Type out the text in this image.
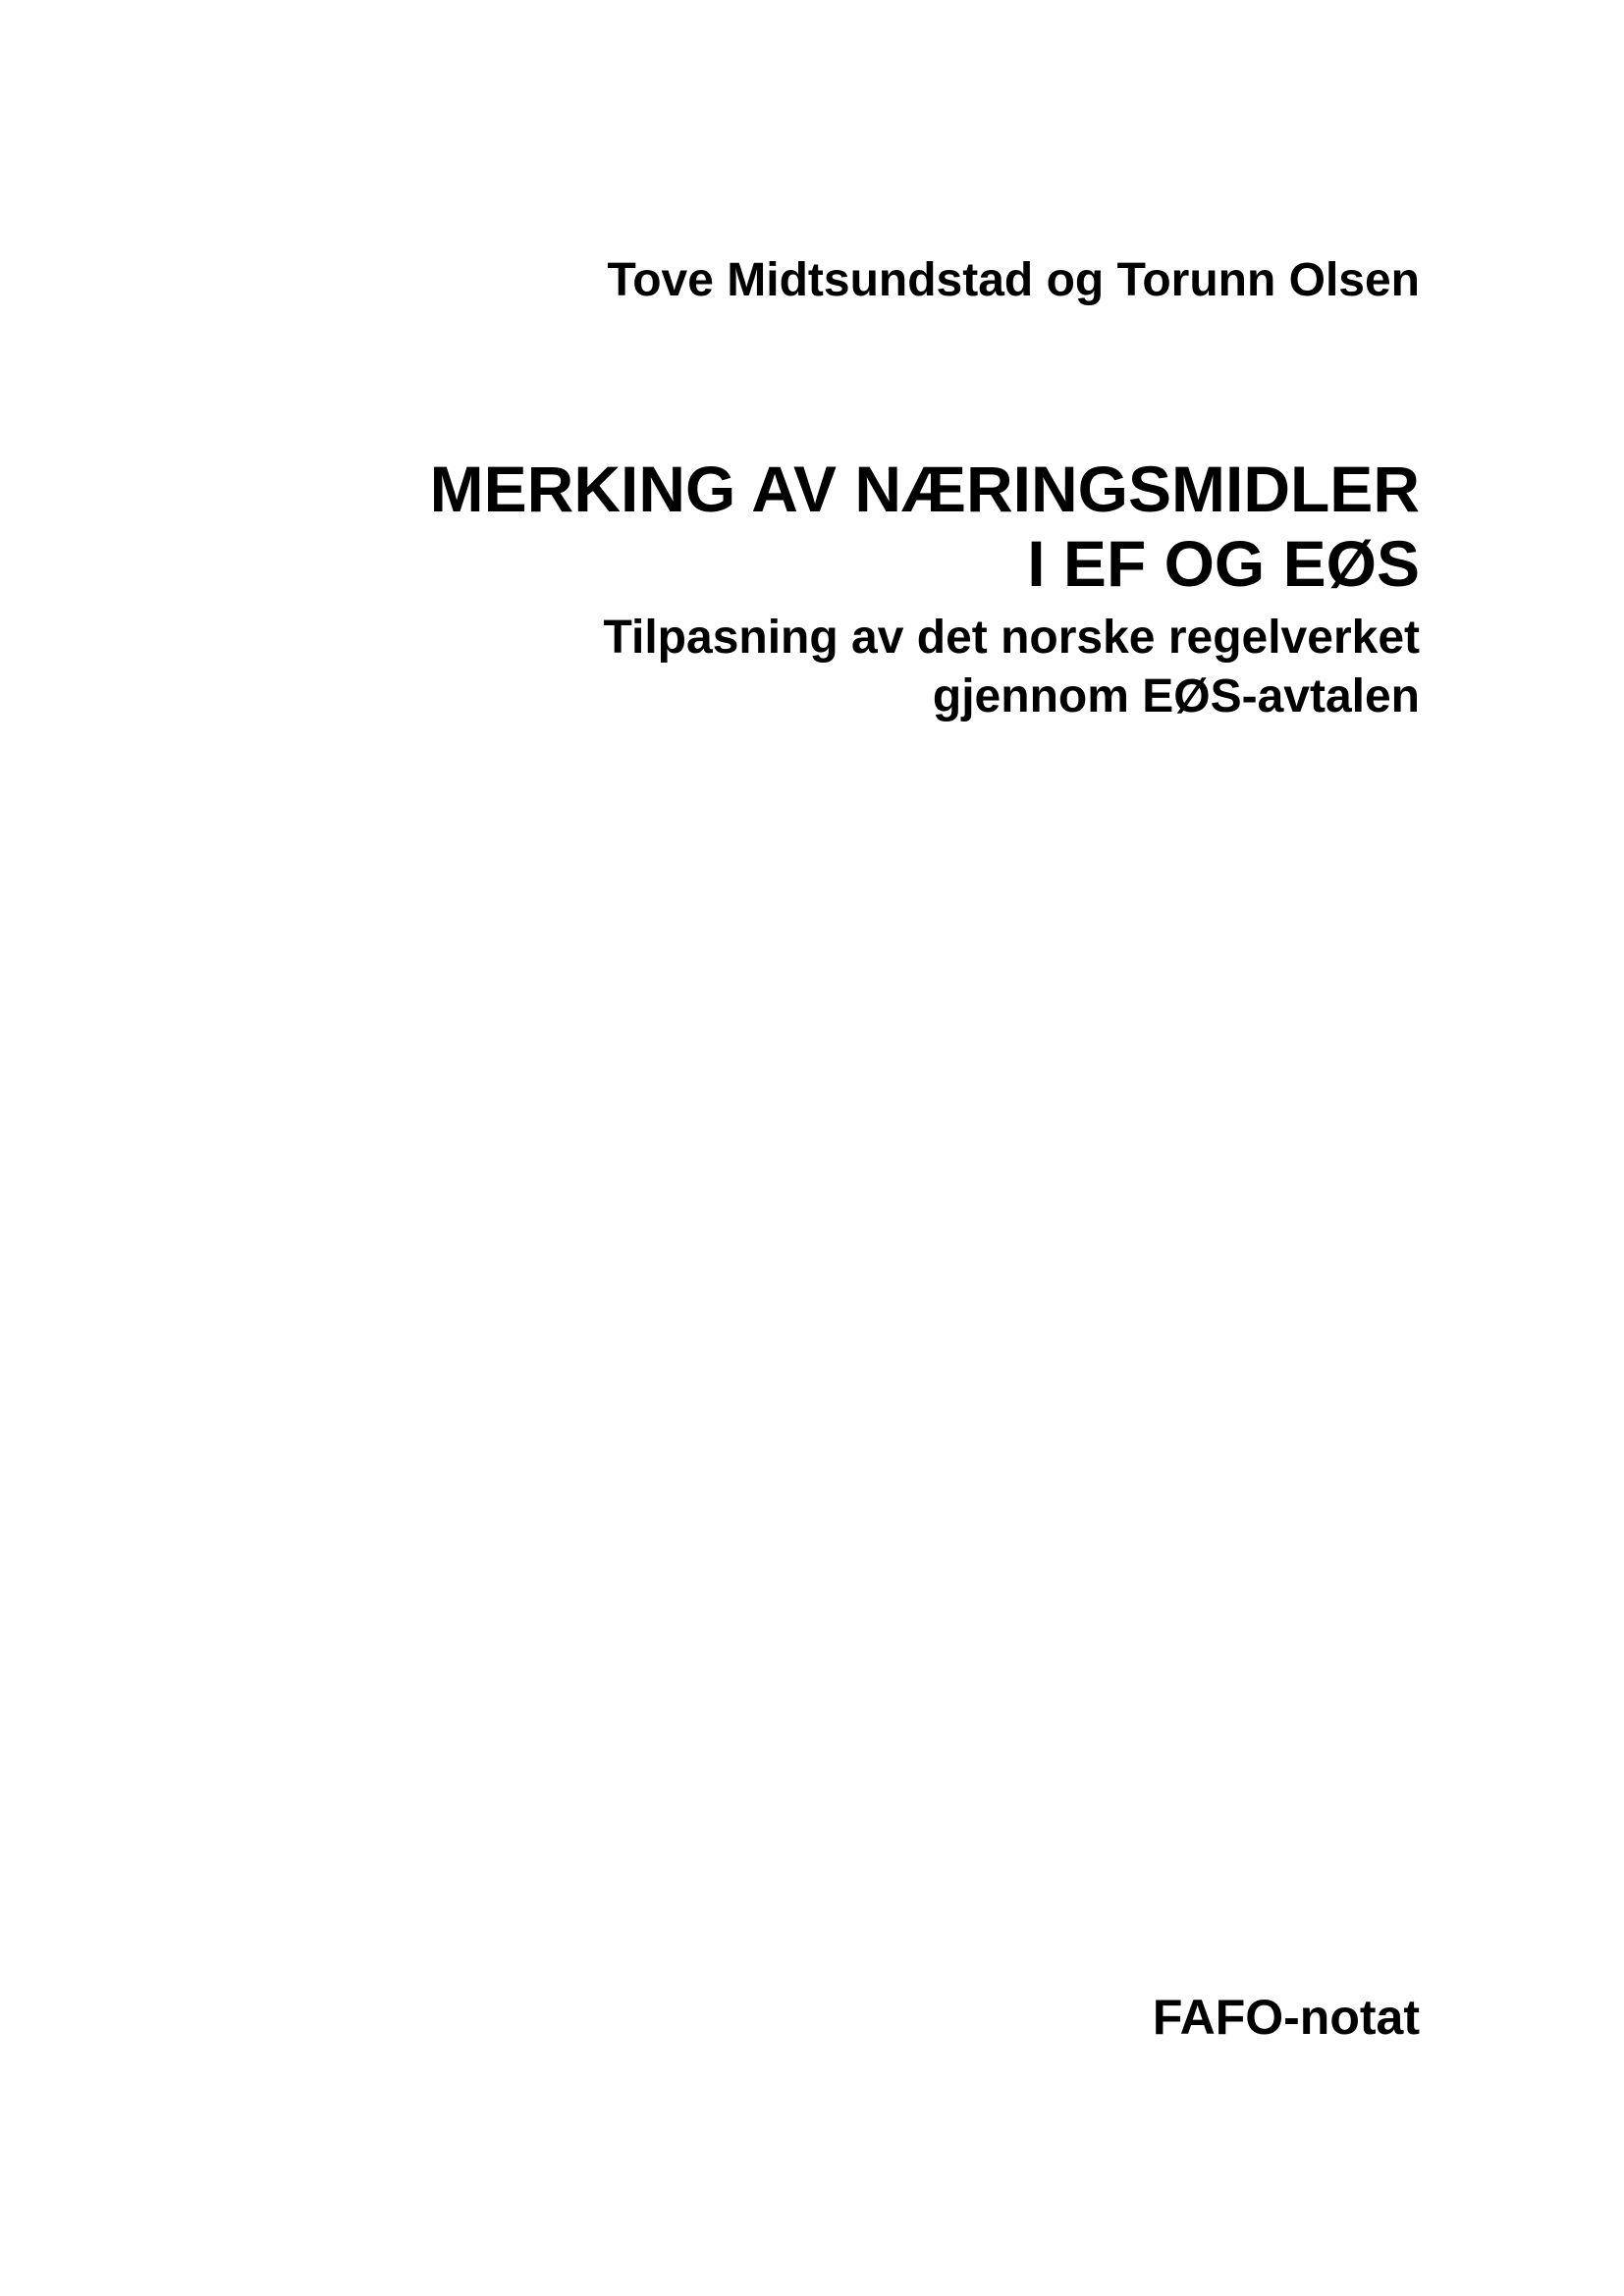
Tove Midtsundstad og Torunn Olsen

MERKING AV NÆRINGSMIDLER
I EF OG EØS
Tilpasning av det norske regelverket
gjennom EØS-avtalen

FAFO-notat
